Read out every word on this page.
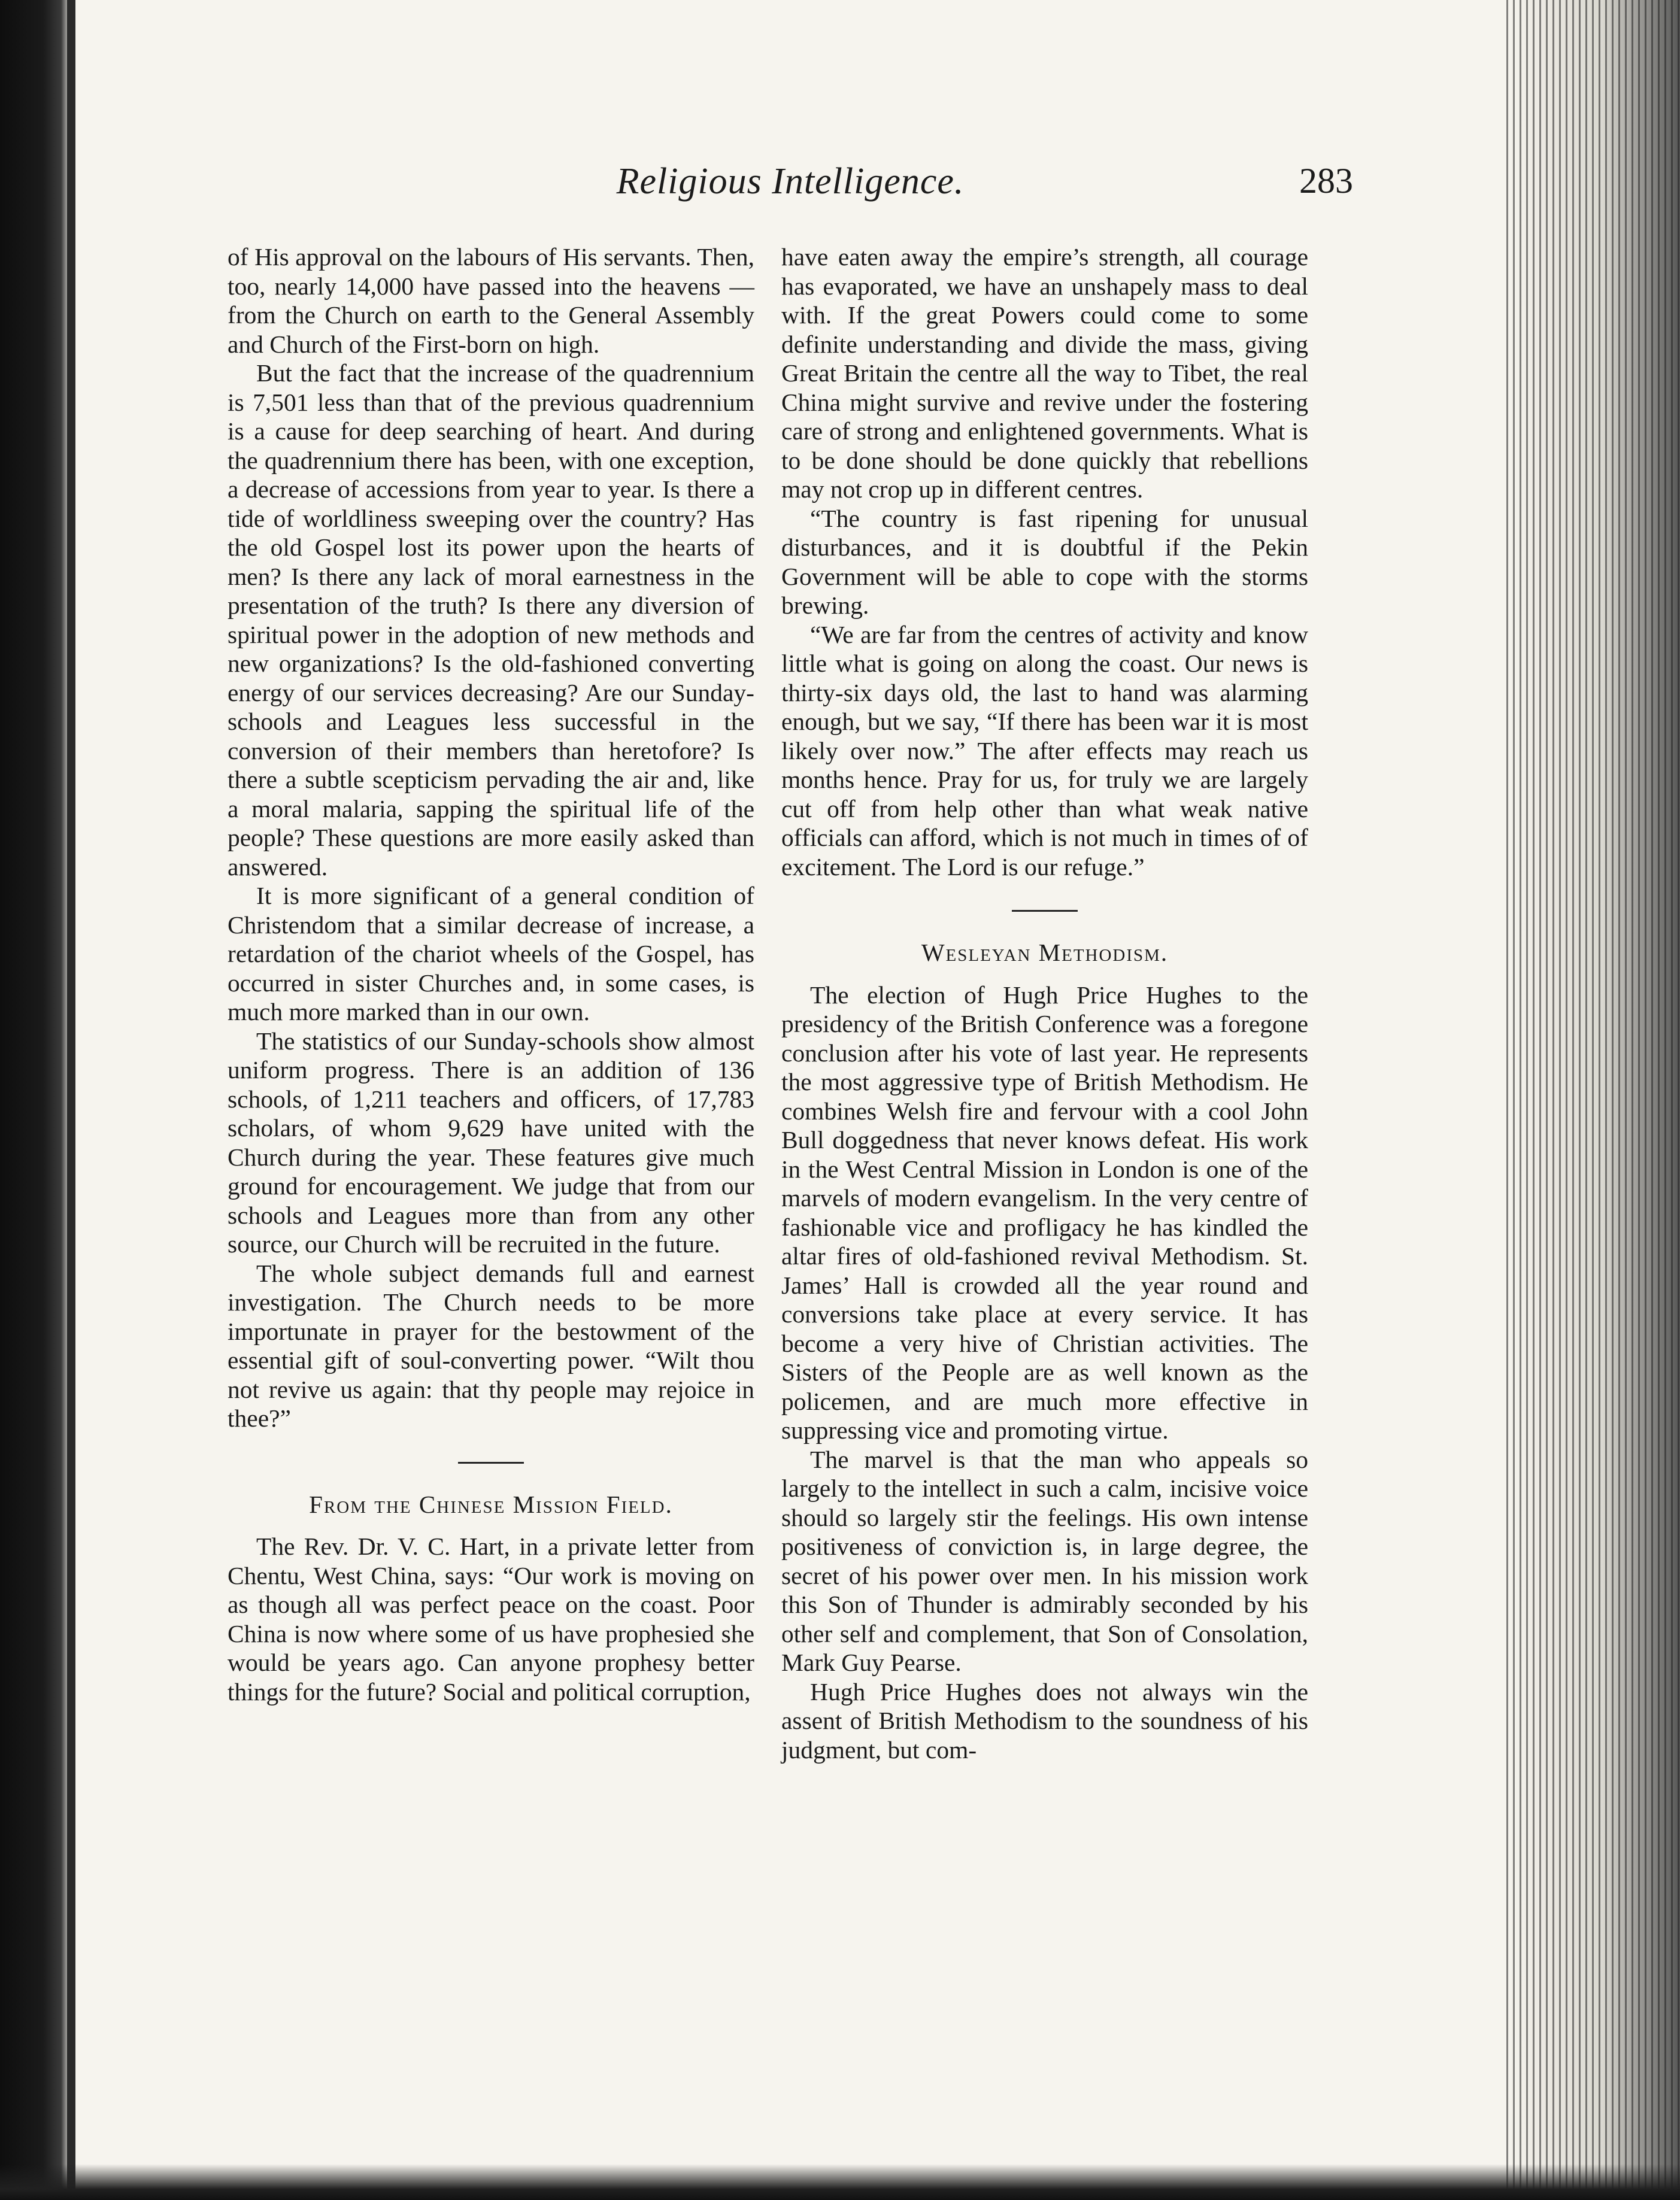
Religious Intelligence.	283

of His approval on the labours of His servants. Then, too, nearly 14,000 have passed into the heavens — from the Church on earth to the General Assembly and Church of the First-born on high.

But the fact that the increase of the quadrennium is 7,501 less than that of the previous quadrennium is a cause for deep searching of heart. And during the quadrennium there has been, with one exception, a decrease of accessions from year to year. Is there a tide of worldliness sweeping over the country? Has the old Gospel lost its power upon the hearts of men? Is there any lack of moral earnestness in the presentation of the truth? Is there any diversion of spiritual power in the adoption of new methods and new organizations? Is the old-fashioned converting energy of our services decreasing? Are our Sunday-schools and Leagues less successful in the conversion of their members than heretofore? Is there a subtle scepticism pervading the air and, like a moral malaria, sapping the spiritual life of the people? These questions are more easily asked than answered.

It is more significant of a general condition of Christendom that a similar decrease of increase, a retardation of the chariot wheels of the Gospel, has occurred in sister Churches and, in some cases, is much more marked than in our own.

The statistics of our Sunday-schools show almost uniform progress. There is an addition of 136 schools, of 1,211 teachers and officers, of 17,783 scholars, of whom 9,629 have united with the Church during the year. These features give much ground for encouragement. We judge that from our schools and Leagues more than from any other source, our Church will be recruited in the future.

The whole subject demands full and earnest investigation. The Church needs to be more importunate in prayer for the bestowment of the essential gift of soul-converting power. “Wilt thou not revive us again: that thy people may rejoice in thee?”

From the Chinese Mission Field.

The Rev. Dr. V. C. Hart, in a private letter from Chentu, West China, says: “Our work is moving on as though all was perfect peace on the coast. Poor China is now where some of us have prophesied she would be years ago. Can anyone prophesy better things for the future? Social and political corruption,

have eaten away the empire’s strength, all courage has evaporated, we have an unshapely mass to deal with. If the great Powers could come to some definite understanding and divide the mass, giving Great Britain the centre all the way to Tibet, the real China might survive and revive under the fostering care of strong and enlightened governments. What is to be done should be done quickly that rebellions may not crop up in different centres.

“The country is fast ripening for unusual disturbances, and it is doubtful if the Pekin Government will be able to cope with the storms brewing.

“We are far from the centres of activity and know little what is going on along the coast. Our news is thirty-six days old, the last to hand was alarming enough, but we say, “If there has been war it is most likely over now.” The after effects may reach us months hence. Pray for us, for truly we are largely cut off from help other than what weak native officials can afford, which is not much in times of of excitement. The Lord is our refuge.”

Wesleyan Methodism.

The election of Hugh Price Hughes to the presidency of the British Conference was a foregone conclusion after his vote of last year. He represents the most aggressive type of British Methodism. He combines Welsh fire and fervour with a cool John Bull doggedness that never knows defeat. His work in the West Central Mission in London is one of the marvels of modern evangelism. In the very centre of fashionable vice and profligacy he has kindled the altar fires of old-fashioned revival Methodism. St. James’ Hall is crowded all the year round and conversions take place at every service. It has become a very hive of Christian activities. The Sisters of the People are as well known as the policemen, and are much more effective in suppressing vice and promoting virtue.

The marvel is that the man who appeals so largely to the intellect in such a calm, incisive voice should so largely stir the feelings. His own intense positiveness of conviction is, in large degree, the secret of his power over men. In his mission work this Son of Thunder is admirably seconded by his other self and complement, that Son of Consolation, Mark Guy Pearse.

Hugh Price Hughes does not always win the assent of British Methodism to the soundness of his judgment, but com-
